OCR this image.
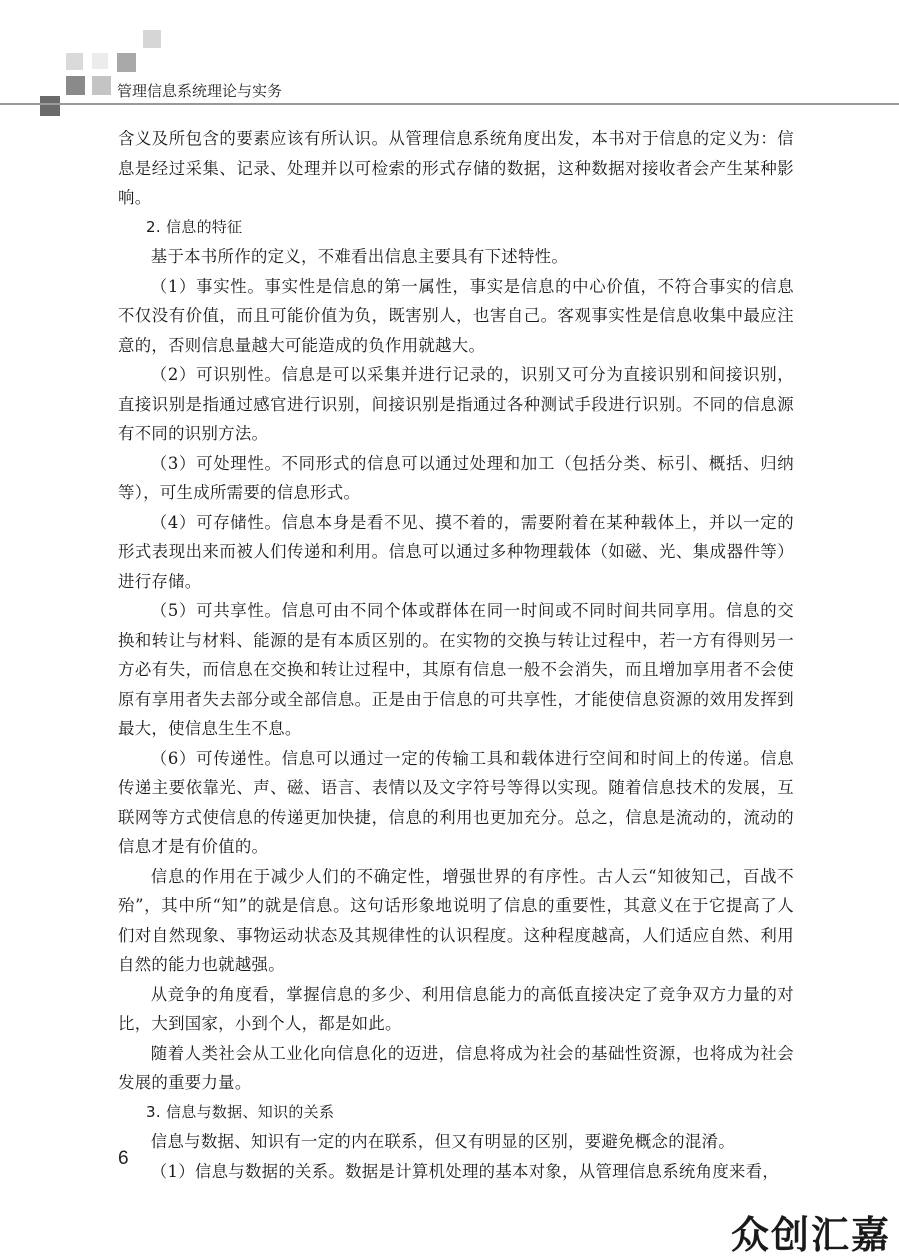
管理信息系统理论与实务

含义及所包含的要素应该有所认识。从管理信息系统角度出发，本书对于信息的定义为：信息是经过采集、记录、处理并以可检索的形式存储的数据，这种数据对接收者会产生某种影响。

2. 信息的特征

基于本书所作的定义，不难看出信息主要具有下述特性。

（1）事实性。事实性是信息的第一属性，事实是信息的中心价值，不符合事实的信息不仅没有价值，而且可能价值为负，既害别人，也害自己。客观事实性是信息收集中最应注意的，否则信息量越大可能造成的负作用就越大。

（2）可识别性。信息是可以采集并进行记录的，识别又可分为直接识别和间接识别，直接识别是指通过感官进行识别，间接识别是指通过各种测试手段进行识别。不同的信息源有不同的识别方法。

（3）可处理性。不同形式的信息可以通过处理和加工（包括分类、标引、概括、归纳等），可生成所需要的信息形式。

（4）可存储性。信息本身是看不见、摸不着的，需要附着在某种载体上，并以一定的形式表现出来而被人们传递和利用。信息可以通过多种物理载体（如磁、光、集成器件等）进行存储。

（5）可共享性。信息可由不同个体或群体在同一时间或不同时间共同享用。信息的交换和转让与材料、能源的是有本质区别的。在实物的交换与转让过程中，若一方有得则另一方必有失，而信息在交换和转让过程中，其原有信息一般不会消失，而且增加享用者不会使原有享用者失去部分或全部信息。正是由于信息的可共享性，才能使信息资源的效用发挥到最大，使信息生生不息。

（6）可传递性。信息可以通过一定的传输工具和载体进行空间和时间上的传递。信息传递主要依靠光、声、磁、语言、表情以及文字符号等得以实现。随着信息技术的发展，互联网等方式使信息的传递更加快捷，信息的利用也更加充分。总之，信息是流动的，流动的信息才是有价值的。

信息的作用在于减少人们的不确定性，增强世界的有序性。古人云“知彼知己，百战不殆”，其中所“知”的就是信息。这句话形象地说明了信息的重要性，其意义在于它提高了人们对自然现象、事物运动状态及其规律性的认识程度。这种程度越高，人们适应自然、利用自然的能力也就越强。

从竞争的角度看，掌握信息的多少、利用信息能力的高低直接决定了竞争双方力量的对比，大到国家，小到个人，都是如此。

随着人类社会从工业化向信息化的迈进，信息将成为社会的基础性资源，也将成为社会发展的重要力量。

3. 信息与数据、知识的关系

信息与数据、知识有一定的内在联系，但又有明显的区别，要避免概念的混淆。

（1）信息与数据的关系。数据是计算机处理的基本对象，从管理信息系统角度来看，

6
众创汇嘉
